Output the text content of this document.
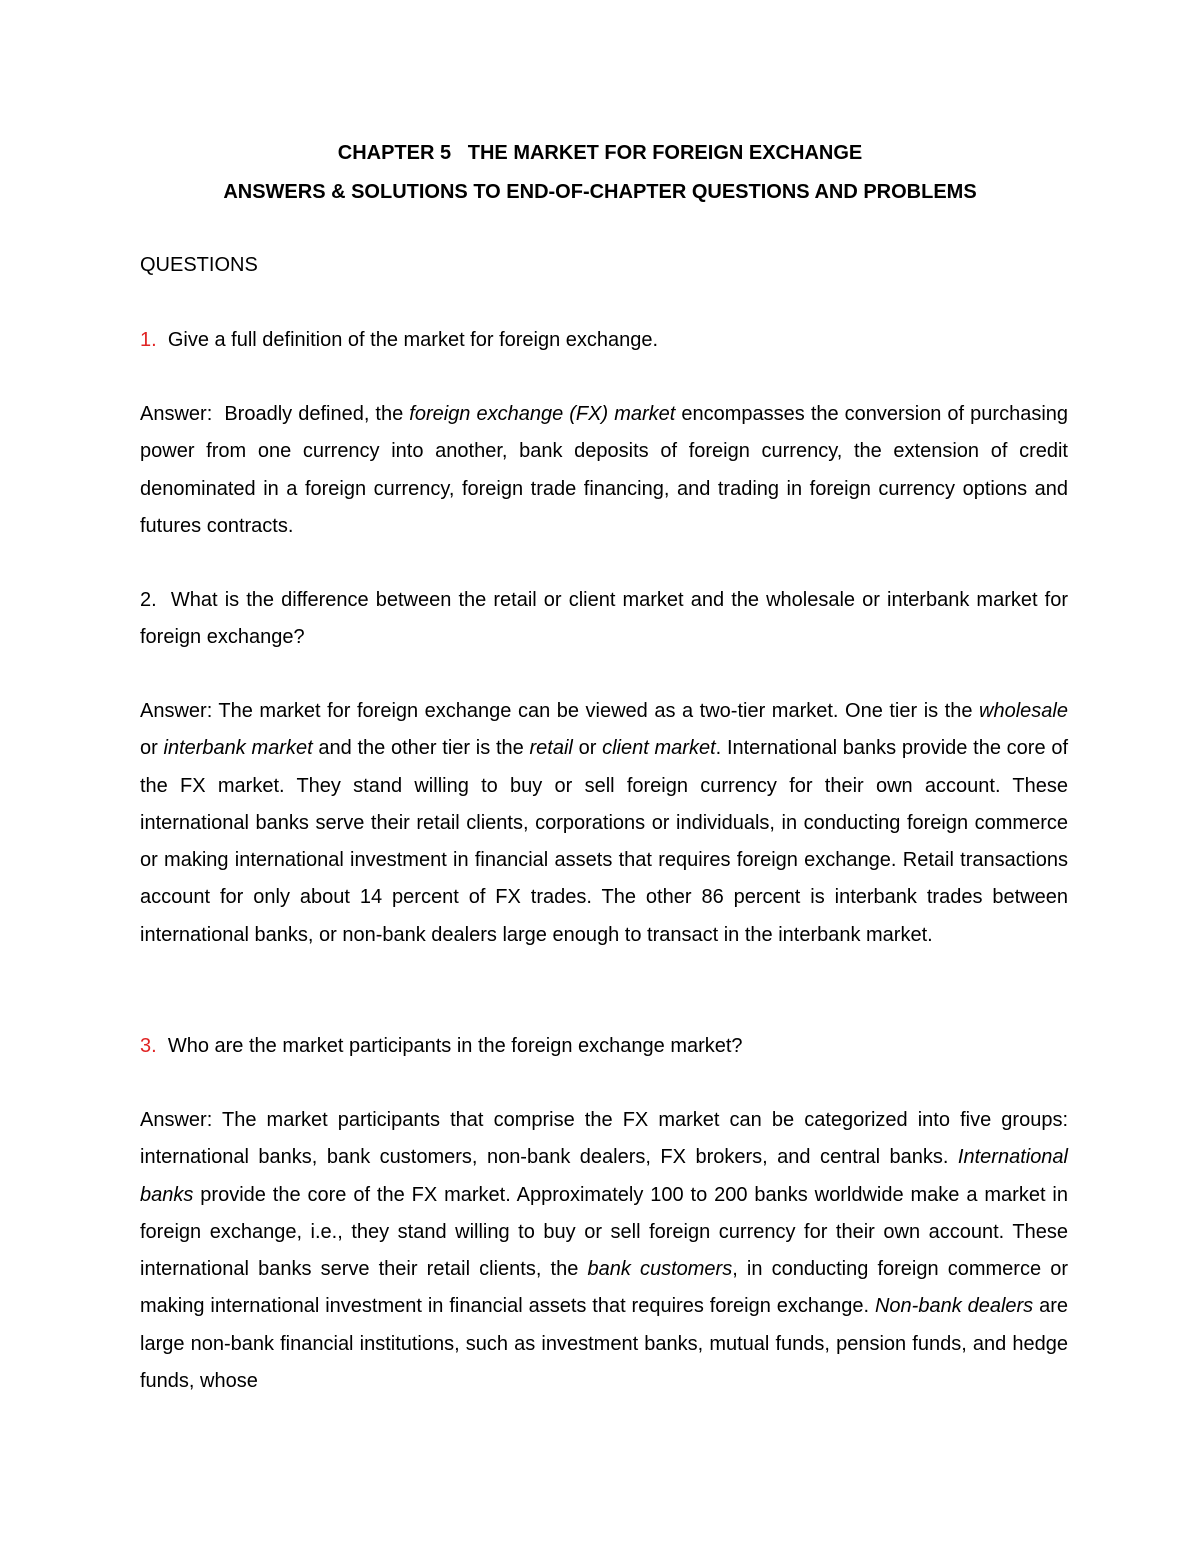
CHAPTER 5   THE MARKET FOR FOREIGN EXCHANGE

ANSWERS & SOLUTIONS TO END-OF-CHAPTER QUESTIONS AND PROBLEMS

QUESTIONS

1. Give a full definition of the market for foreign exchange.

Answer:  Broadly defined, the foreign exchange (FX) market encompasses the conversion of purchasing power from one currency into another, bank deposits of foreign currency, the extension of credit denominated in a foreign currency, foreign trade financing, and trading in foreign currency options and futures contracts.

2. What is the difference between the retail or client market and the wholesale or interbank market for foreign exchange?

Answer: The market for foreign exchange can be viewed as a two-tier market. One tier is the wholesale or interbank market and the other tier is the retail or client market. International banks provide the core of the FX market. They stand willing to buy or sell foreign currency for their own account. These international banks serve their retail clients, corporations or individuals, in conducting foreign commerce or making international investment in financial assets that requires foreign exchange. Retail transactions account for only about 14 percent of FX trades. The other 86 percent is interbank trades between international banks, or non-bank dealers large enough to transact in the interbank market.

3. Who are the market participants in the foreign exchange market?

Answer: The market participants that comprise the FX market can be categorized into five groups: international banks, bank customers, non-bank dealers, FX brokers, and central banks. International banks provide the core of the FX market. Approximately 100 to 200 banks worldwide make a market in foreign exchange, i.e., they stand willing to buy or sell foreign currency for their own account. These international banks serve their retail clients, the bank customers, in conducting foreign commerce or making international investment in financial assets that requires foreign exchange. Non-bank dealers are large non-bank financial institutions, such as investment banks, mutual funds, pension funds, and hedge funds, whose
